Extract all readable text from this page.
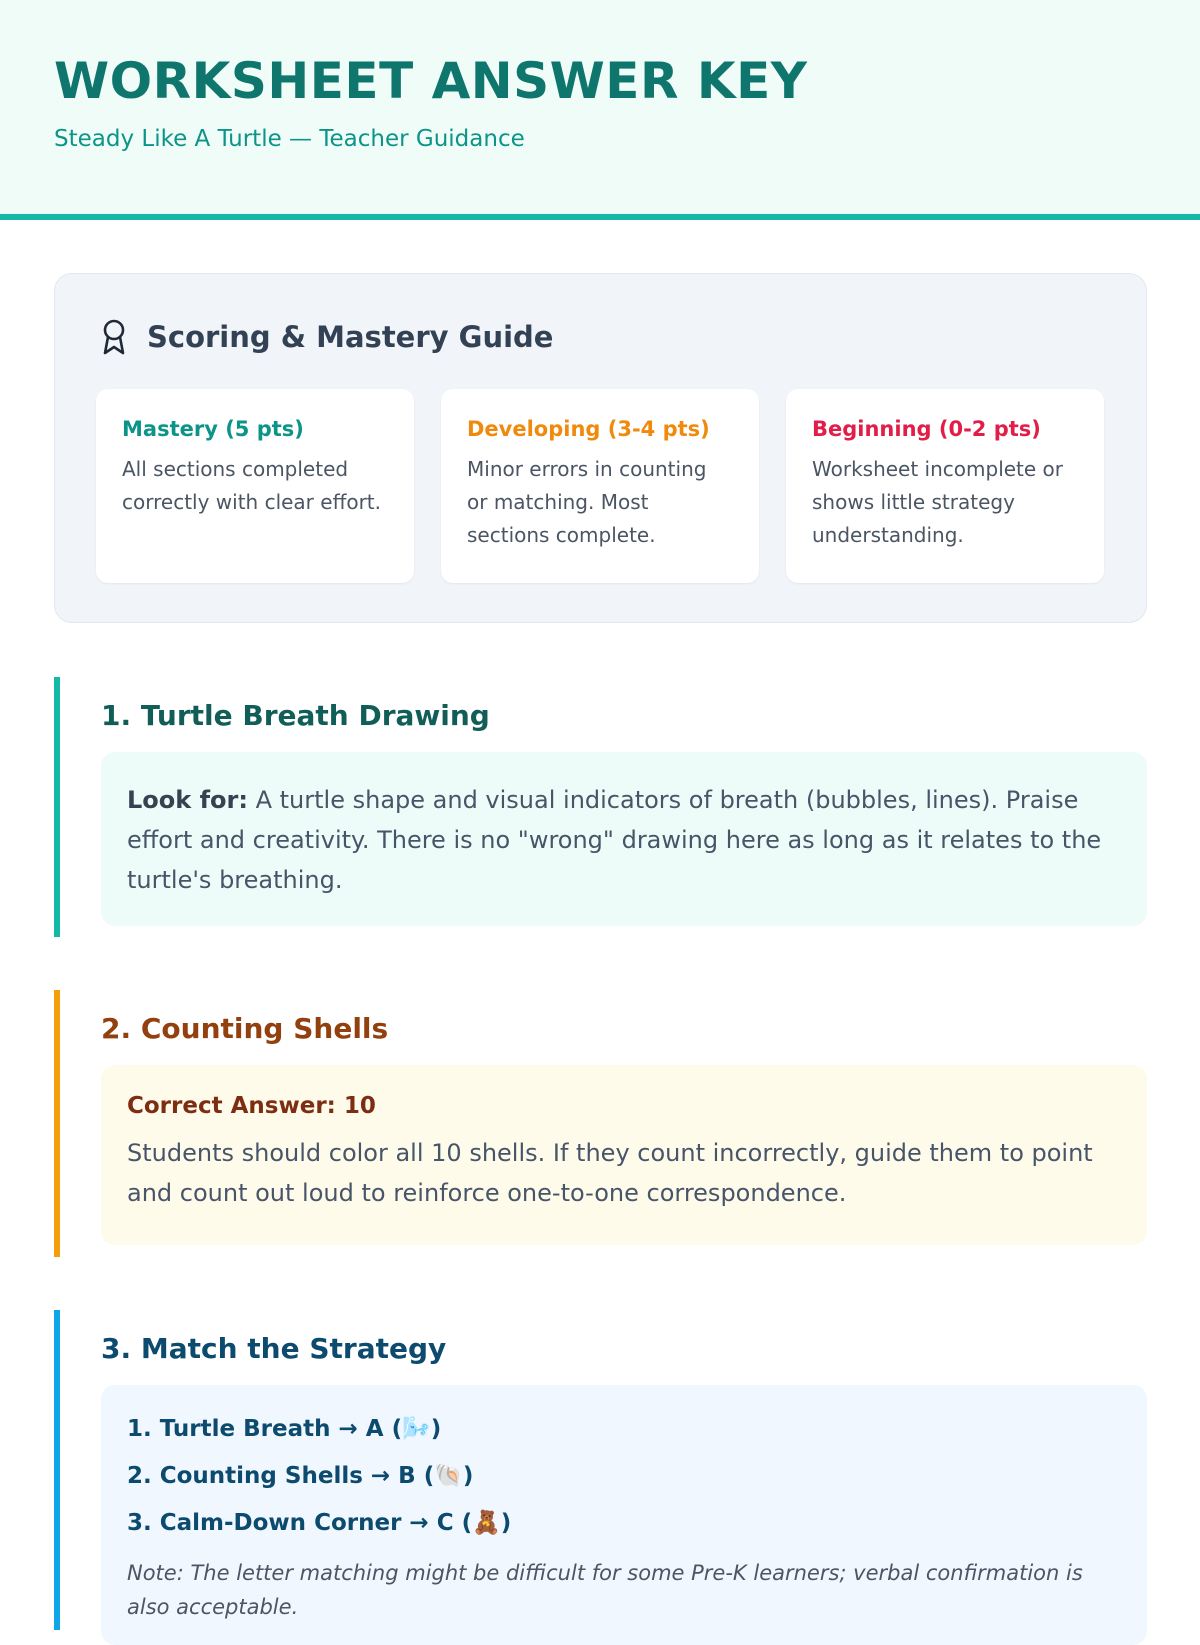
WORKSHEET ANSWER KEY
Steady Like A Turtle — Teacher Guidance
Scoring & Mastery Guide
Mastery (5 pts)
All sections completed correctly with clear effort.
Developing (3-4 pts)
Minor errors in counting or matching. Most sections complete.
Beginning (0-2 pts)
Worksheet incomplete or shows little strategy understanding.
1. Turtle Breath Drawing
Look for: A turtle shape and visual indicators of breath (bubbles, lines). Praise effort and creativity. There is no "wrong" drawing here as long as it relates to the turtle's breathing.
2. Counting Shells
Correct Answer: 10
Students should color all 10 shells. If they count incorrectly, guide them to point and count out loud to reinforce one-to-one correspondence.
3. Match the Strategy
1. Turtle Breath → A (🌬️)
2. Counting Shells → B (🐚)
3. Calm-Down Corner → C (🧸)
Note: The letter matching might be difficult for some Pre-K learners; verbal confirmation is also acceptable.
